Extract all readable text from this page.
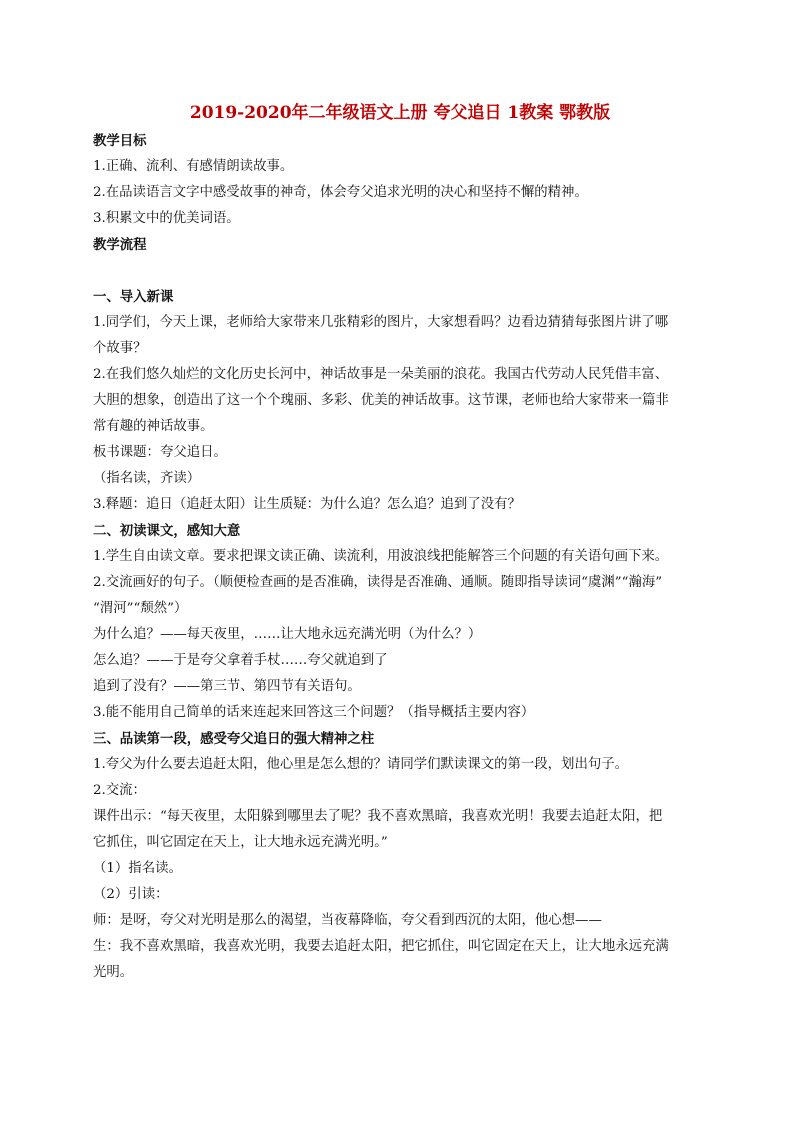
2019-2020年二年级语文上册 夸父追日 1教案 鄂教版
教学目标
1.正确、流利、有感情朗读故事。
2.在品读语言文字中感受故事的神奇，体会夸父追求光明的决心和坚持不懈的精神。
3.积累文中的优美词语。
教学流程
一、导入新课
1.同学们，今天上课，老师给大家带来几张精彩的图片，大家想看吗？边看边猜猜每张图片讲了哪
个故事？
2.在我们悠久灿烂的文化历史长河中，神话故事是一朵美丽的浪花。我国古代劳动人民凭借丰富、
大胆的想象，创造出了这一个个瑰丽、多彩、优美的神话故事。这节课，老师也给大家带来一篇非
常有趣的神话故事。
板书课题：夸父追日。
（指名读，齐读）
3.释题：追日（追赶太阳）让生质疑：为什么追？怎么追？追到了没有？
二、初读课文，感知大意
1.学生自由读文章。要求把课文读正确、读流利，用波浪线把能解答三个问题的有关语句画下来。
2.交流画好的句子。（顺便检查画的是否准确，读得是否准确、通顺。随即指导读词“虞渊”“瀚海”
“渭河”“颓然”）
为什么追？——每天夜里，……让大地永远充满光明（为什么？）
怎么追？——于是夸父拿着手杖……夸父就追到了
追到了没有？——第三节、第四节有关语句。
3.能不能用自己简单的话来连起来回答这三个问题？（指导概括主要内容）
三、品读第一段，感受夸父追日的强大精神之柱
1.夸父为什么要去追赶太阳，他心里是怎么想的？请同学们默读课文的第一段，划出句子。
2.交流：
课件出示：“每天夜里，太阳躲到哪里去了呢？我不喜欢黑暗，我喜欢光明！我要去追赶太阳，把
它抓住，叫它固定在天上，让大地永远充满光明。”
（1）指名读。
（2）引读：
师：是呀，夸父对光明是那么的渴望，当夜幕降临，夸父看到西沉的太阳，他心想——
生：我不喜欢黑暗，我喜欢光明，我要去追赶太阳，把它抓住，叫它固定在天上，让大地永远充满
光明。
